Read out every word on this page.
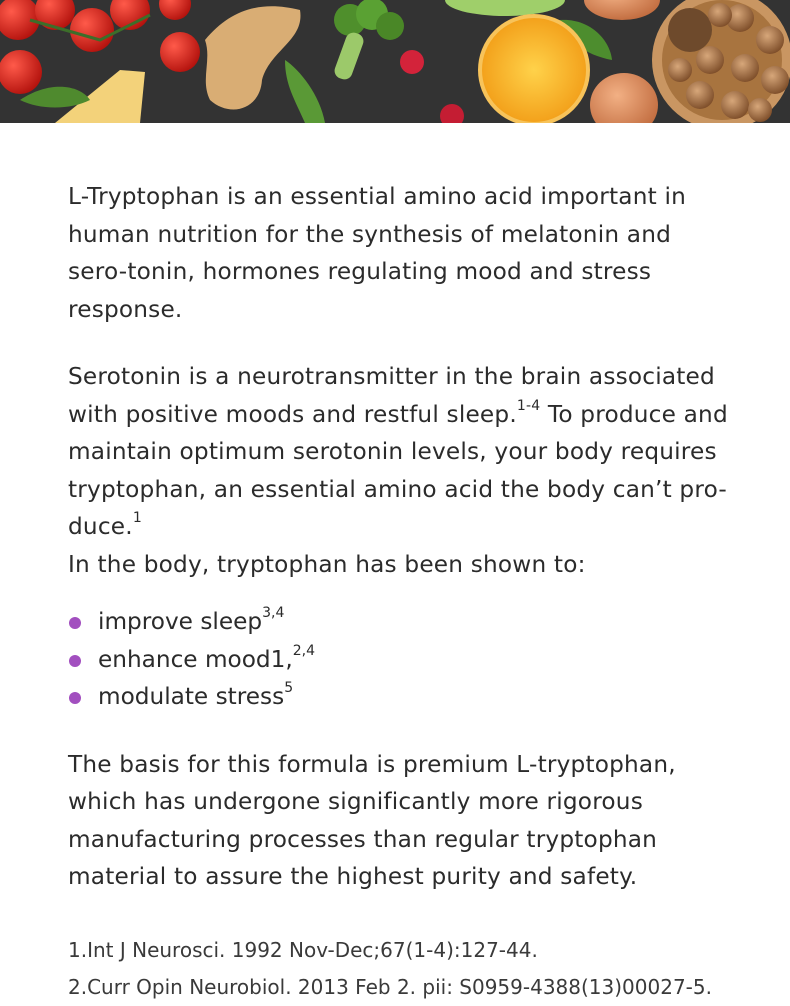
L-Tryptophan is an essential amino acid important in human nutrition for the synthesis of melatonin and sero-tonin, hormones regulating mood and stress response.

Serotonin is a neurotransmitter in the brain associated with positive moods and restful sleep.$^{1-4}$ To produce and maintain optimum serotonin levels, your body requires tryptophan, an essential amino acid the body can’t pro-duce.$^1$

In the body, tryptophan has been shown to:

improve sleep$^{3,4}$
enhance mood1,$^{2,4}$
modulate stress$^5$

The basis for this formula is premium L-tryptophan, which has undergone significantly more rigorous manufacturing processes than regular tryptophan material to assure the highest purity and safety.

1.Int J Neurosci. 1992 Nov-Dec;67(1-4):127-44.
2.Curr Opin Neurobiol. 2013 Feb 2. pii: S0959-4388(13)00027-5.
